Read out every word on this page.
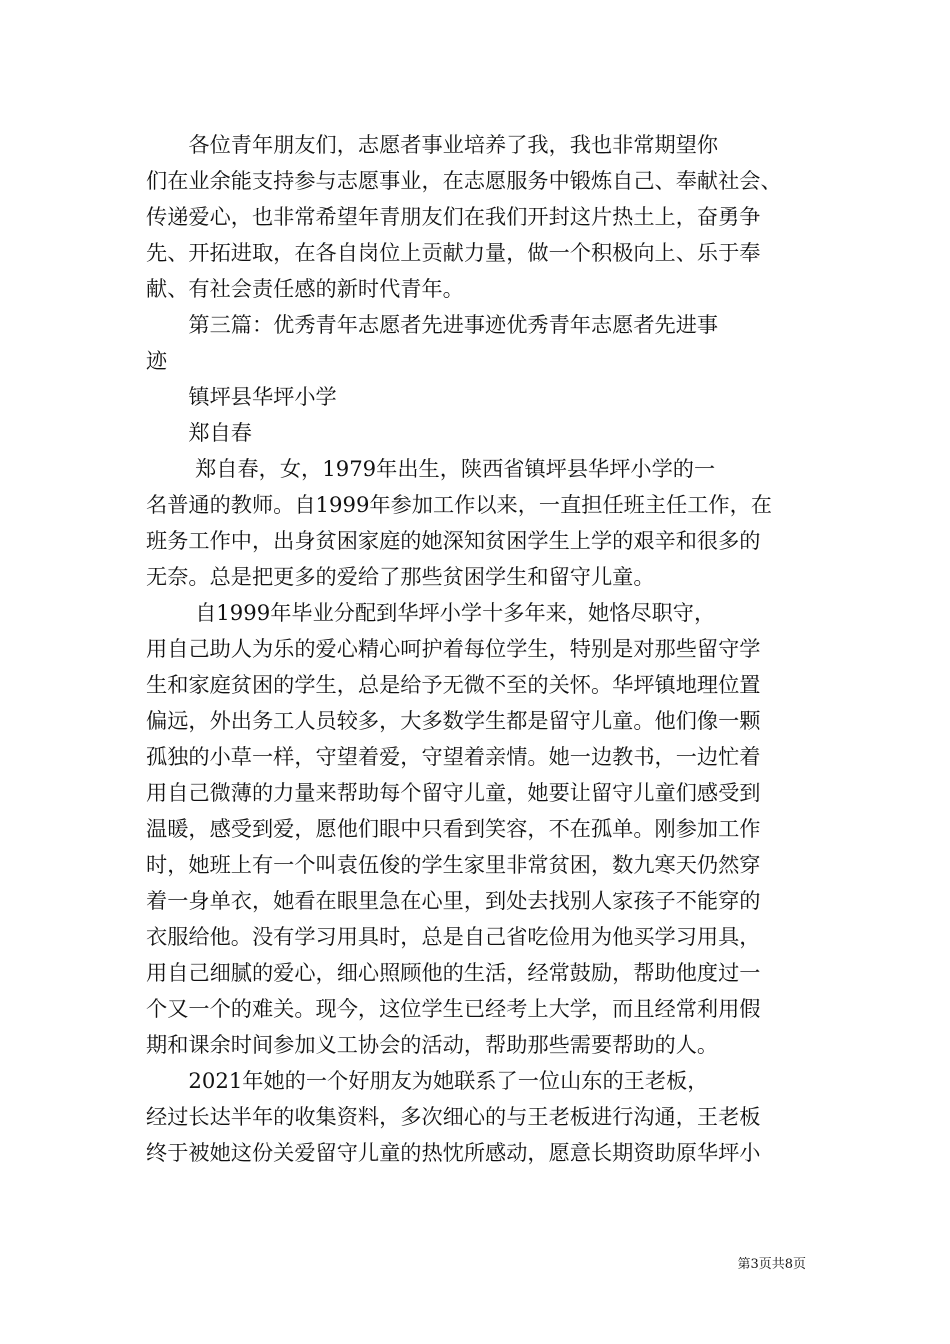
　　各位青年朋友们，志愿者事业培养了我，我也非常期望你
们在业余能支持参与志愿事业，在志愿服务中锻炼自己、奉献社会、
传递爱心，也非常希望年青朋友们在我们开封这片热土上，奋勇争
先、开拓进取，在各自岗位上贡献力量，做一个积极向上、乐于奉
献、有社会责任感的新时代青年。
　　第三篇：优秀青年志愿者先进事迹优秀青年志愿者先进事
迹
　　镇坪县华坪小学
　　郑自春
　　 郑自春，女，1979年出生，陕西省镇坪县华坪小学的一
名普通的教师。自1999年参加工作以来，一直担任班主任工作，在
班务工作中，出身贫困家庭的她深知贫困学生上学的艰辛和很多的
无奈。总是把更多的爱给了那些贫困学生和留守儿童。
　　 自1999年毕业分配到华坪小学十多年来，她恪尽职守，
用自己助人为乐的爱心精心呵护着每位学生，特别是对那些留守学
生和家庭贫困的学生，总是给予无微不至的关怀。华坪镇地理位置
偏远，外出务工人员较多，大多数学生都是留守儿童。他们像一颗
孤独的小草一样，守望着爱，守望着亲情。她一边教书，一边忙着
用自己微薄的力量来帮助每个留守儿童，她要让留守儿童们感受到
温暖，感受到爱，愿他们眼中只看到笑容，不在孤单。刚参加工作
时，她班上有一个叫袁伍俊的学生家里非常贫困，数九寒天仍然穿
着一身单衣，她看在眼里急在心里，到处去找别人家孩子不能穿的
衣服给他。没有学习用具时，总是自己省吃俭用为他买学习用具，
用自己细腻的爱心，细心照顾他的生活，经常鼓励，帮助他度过一
个又一个的难关。现今，这位学生已经考上大学，而且经常利用假
期和课余时间参加义工协会的活动，帮助那些需要帮助的人。
　　2021年她的一个好朋友为她联系了一位山东的王老板，
经过长达半年的收集资料，多次细心的与王老板进行沟通，王老板
终于被她这份关爱留守儿童的热忱所感动，愿意长期资助原华坪小
第3页共8页
